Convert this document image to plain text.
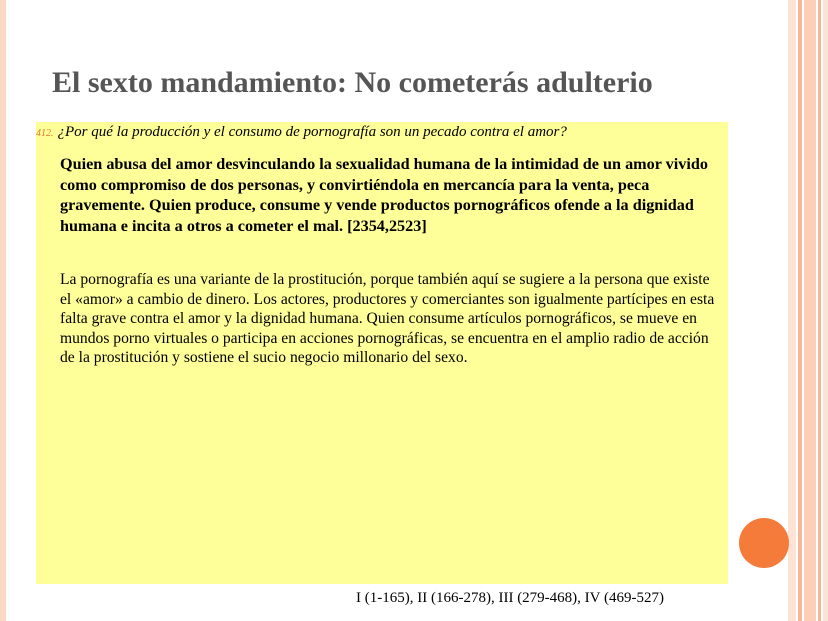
El sexto mandamiento: No cometerás adulterio
412. ¿Por qué la producción y el consumo de pornografía son un pecado contra el amor?

Quien abusa del amor desvinculando la sexualidad humana de la intimidad de un amor vivido como compromiso de dos personas, y convirtiéndola en mercancía para la venta, peca gravemente. Quien produce, consume y vende productos pornográficos ofende a la dignidad humana e incita a otros a cometer el mal. [2354,2523]

La pornografía es una variante de la prostitución, porque también aquí se sugiere a la persona que existe el «amor» a cambio de dinero. Los actores, productores y comerciantes son igualmente partícipes en esta falta grave contra el amor y la dignidad humana. Quien consume artículos pornográficos, se mueve en mundos porno virtuales o participa en acciones pornográficas, se encuentra en el amplio radio de acción de la prostitución y sostiene el sucio negocio millonario del sexo.

I (1-165), II (166-278), III (279-468), IV (469-527)
